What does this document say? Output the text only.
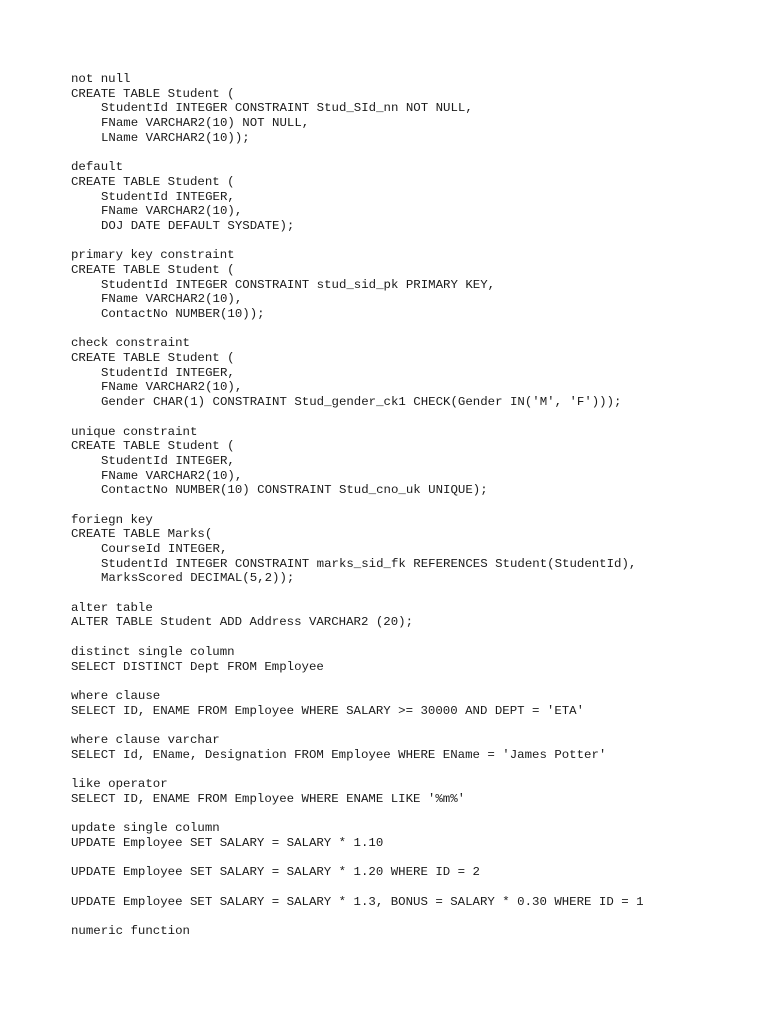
not null
CREATE TABLE Student (
StudentId INTEGER CONSTRAINT Stud_SId_nn NOT NULL,
FName VARCHAR2(10) NOT NULL,
LName VARCHAR2(10));
default
CREATE TABLE Student (
StudentId INTEGER,
FName VARCHAR2(10),
DOJ DATE DEFAULT SYSDATE);
primary key constraint
CREATE TABLE Student (
StudentId INTEGER CONSTRAINT stud_sid_pk PRIMARY KEY,
FName VARCHAR2(10),
ContactNo NUMBER(10));
check constraint
CREATE TABLE Student (
StudentId INTEGER,
FName VARCHAR2(10),
Gender CHAR(1) CONSTRAINT Stud_gender_ck1 CHECK(Gender IN('M', 'F')));
unique constraint
CREATE TABLE Student (
StudentId INTEGER,
FName VARCHAR2(10),
ContactNo NUMBER(10) CONSTRAINT Stud_cno_uk UNIQUE);
foriegn key
CREATE TABLE Marks(
CourseId INTEGER,
StudentId INTEGER CONSTRAINT marks_sid_fk REFERENCES Student(StudentId),
MarksScored DECIMAL(5,2));
alter table
ALTER TABLE Student ADD Address VARCHAR2 (20);
distinct single column
SELECT DISTINCT Dept FROM Employee
where clause
SELECT ID, ENAME FROM Employee WHERE SALARY >= 30000 AND DEPT = 'ETA'
where clause varchar
SELECT Id, EName, Designation FROM Employee WHERE EName = 'James Potter'
like operator
SELECT ID, ENAME FROM Employee WHERE ENAME LIKE '%m%'
update single column
UPDATE Employee SET SALARY = SALARY * 1.10
UPDATE Employee SET SALARY = SALARY * 1.20 WHERE ID = 2
UPDATE Employee SET SALARY = SALARY * 1.3, BONUS = SALARY * 0.30 WHERE ID = 1
numeric function
